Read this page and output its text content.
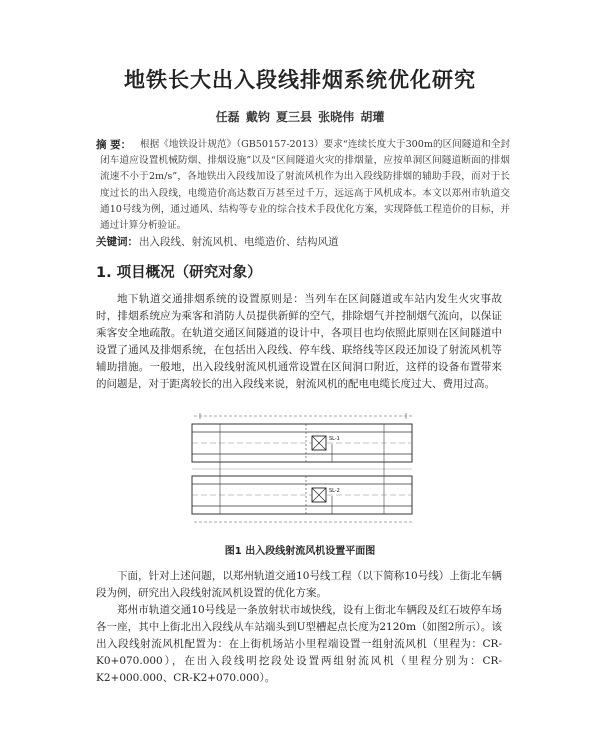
地铁长大出入段线排烟系统优化研究
任磊 戴钧 夏三县 张晓伟 胡瓘
摘 要： 根据《地铁设计规范》（GB50157-2013）要求“连续长度大于300m的区间隧道和全封闭车道应设置机械防烟、排烟设施”以及“区间隧道火灾的排烟量，应按单洞区间隧道断面的排烟流速不小于2m/s”，各地铁出入段线加设了射流风机作为出入段线防排烟的辅助手段，而对于长度过长的出入段线，电缆造价高达数百万甚至过千万，远远高于风机成本。本文以郑州市轨道交通10号线为例，通过通风、结构等专业的综合技术手段优化方案，实现降低工程造价的目标，并通过计算分析验证。
关键词： 出入段线、射流风机、电缆造价、结构风道
1. 项目概况（研究对象）
地下轨道交通排烟系统的设置原则是：当列车在区间隧道或车站内发生火灾事故时，排烟系统应为乘客和消防人员提供新鲜的空气，排除烟气并控制烟气流向，以保证乘客安全地疏散。在轨道交通区间隧道的设计中，各项目也均依照此原则在区间隧道中设置了通风及排烟系统，在包括出入段线、停车线、联络线等区段还加设了射流风机等辅助措施。一般地，出入段线射流风机通常设置在区间洞口附近，这样的设备布置带来的问题是，对于距离较长的出入段线来说，射流风机的配电电缆长度过大、费用过高。
SL-1
SL-2
图1 出入段线射流风机设置平面图
下面，针对上述问题，以郑州轨道交通10号线工程（以下简称10号线）上街北车辆段为例，研究出入段线射流风机设置的优化方案。
郑州市轨道交通10号线是一条放射状市域快线，设有上街北车辆段及红石坡停车场各一座，其中上街北出入段线从车站端头到U型槽起点长度为2120m（如图2所示）。该出入段线射流风机配置为：在上街机场站小里程端设置一组射流风机（里程为：CR-K0+070.000），在出入段线明挖段处设置两组射流风机（里程分别为：CR-K2+000.000、CR-K2+070.000）。
